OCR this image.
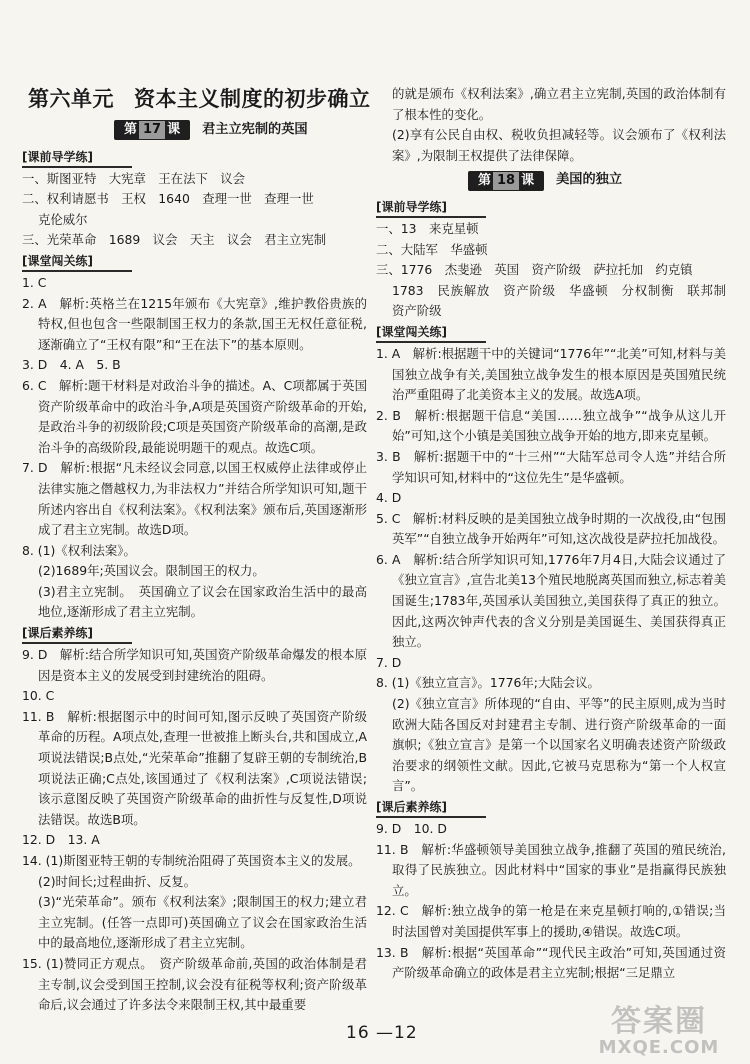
第六单元 资本主义制度的初步确立
第 17 课	君主立宪制的英国
[课前导学练]

一、斯图亚特　大宪章　王在法下　议会

二、权利请愿书　王权　1640　查理一世　查理一世

克伦威尔

三、光荣革命　1689　议会　天主　议会　君主立宪制

[课堂闯关练]

1. C

2. A　解析:英格兰在1215年颁布《大宪章》,维护教俗贵族的特权,但也包含一些限制国王权力的条款,国王无权任意征税,逐渐确立了“王权有限”和“王在法下”的基本原则。

3. D　4. A　5. B

6. C　解析:题干材料是对政治斗争的描述。A、C项都属于英国资产阶级革命中的政治斗争,A项是英国资产阶级革命的开始,是政治斗争的初级阶段;C项是英国资产阶级革命的高潮,是政治斗争的高级阶段,最能说明题干的观点。故选C项。

7. D　解析:根据“凡未经议会同意,以国王权威停止法律或停止法律实施之僭越权力,为非法权力”并结合所学知识可知,题干所述内容出自《权利法案》。《权利法案》颁布后,英国逐渐形成了君主立宪制。故选D项。

8. (1)《权利法案》。

(2)1689年;英国议会。限制国王的权力。

(3)君主立宪制。　英国确立了议会在国家政治生活中的最高地位,逐渐形成了君主立宪制。

[课后素养练]

9. D　解析:结合所学知识可知,英国资产阶级革命爆发的根本原因是资本主义的发展受到封建统治的阻碍。

10. C

11. B　解析:根据图示中的时间可知,图示反映了英国资产阶级革命的历程。A项点处,查理一世被推上断头台,共和国成立,A项说法错误;B点处,“光荣革命”推翻了复辟王朝的专制统治,B项说法正确;C点处,该国通过了《权利法案》,C项说法错误;该示意图反映了英国资产阶级革命的曲折性与反复性,D项说法错误。故选B项。

12. D　13. A

14. (1)斯图亚特王朝的专制统治阻碍了英国资本主义的发展。

(2)时间长;过程曲折、反复。

(3)“光荣革命”。颁布《权利法案》;限制国王的权力;建立君主立宪制。(任答一点即可)英国确立了议会在国家政治生活中的最高地位,逐渐形成了君主立宪制。

15. (1)赞同正方观点。　资产阶级革命前,英国的政治体制是君主专制,议会受到国王控制,议会没有征税等权利;资产阶级革命后,议会通过了许多法令来限制王权,其中最重要

的就是颁布《权利法案》,确立君主立宪制,英国的政治体制有了根本性的变化。

(2)享有公民自由权、税收负担减轻等。议会颁布了《权利法案》,为限制王权提供了法律保障。

第 18 课	美国的独立
[课前导学练]

一、13　来克星顿

二、大陆军　华盛顿

三、1776　杰斐逊　英国　资产阶级　萨拉托加　约克镇

1783　民族解放　资产阶级　华盛顿　分权制衡　联邦制　资产阶级

[课堂闯关练]

1. A　解析:根据题干中的关键词“1776年”“北美”可知,材料与美国独立战争有关,美国独立战争发生的根本原因是英国殖民统治严重阻碍了北美资本主义的发展。故选A项。

2. B　解析:根据题干信息“美国……独立战争”“战争从这儿开始”可知,这个小镇是美国独立战争开始的地方,即来克星顿。

3. B　解析:据题干中的“十三州”“大陆军总司令人选”并结合所学知识可知,材料中的“这位先生”是华盛顿。

4. D

5. C　解析:材料反映的是美国独立战争时期的一次战役,由“包围英军”“自独立战争开始两年”可知,这次战役是萨拉托加战役。

6. A　解析:结合所学知识可知,1776年7月4日,大陆会议通过了《独立宣言》,宣告北美13个殖民地脱离英国而独立,标志着美国诞生;1783年,英国承认美国独立,美国获得了真正的独立。因此,这两次钟声代表的含义分别是美国诞生、美国获得真正独立。

7. D

8. (1)《独立宣言》。1776年;大陆会议。

(2)《独立宣言》所体现的“自由、平等”的民主原则,成为当时欧洲大陆各国反对封建君主专制、进行资产阶级革命的一面旗帜;《独立宣言》是第一个以国家名义明确表述资产阶级政治要求的纲领性文献。因此,它被马克思称为“第一个人权宣言”。

[课后素养练]

9. D　10. D

11. B　解析:华盛顿领导美国独立战争,推翻了英国的殖民统治,取得了民族独立。因此材料中“国家的事业”是指赢得民族独立。

12. C　解析:独立战争的第一枪是在来克星顿打响的,①错误;当时法国曾对美国提供军事上的援助,④错误。故选C项。

13. B　解析:根据“英国革命”“现代民主政治”可知,英国通过资产阶级革命确立的政体是君主立宪制;根据“三足鼎立

16 —12	答案圈
MXQE.COM
